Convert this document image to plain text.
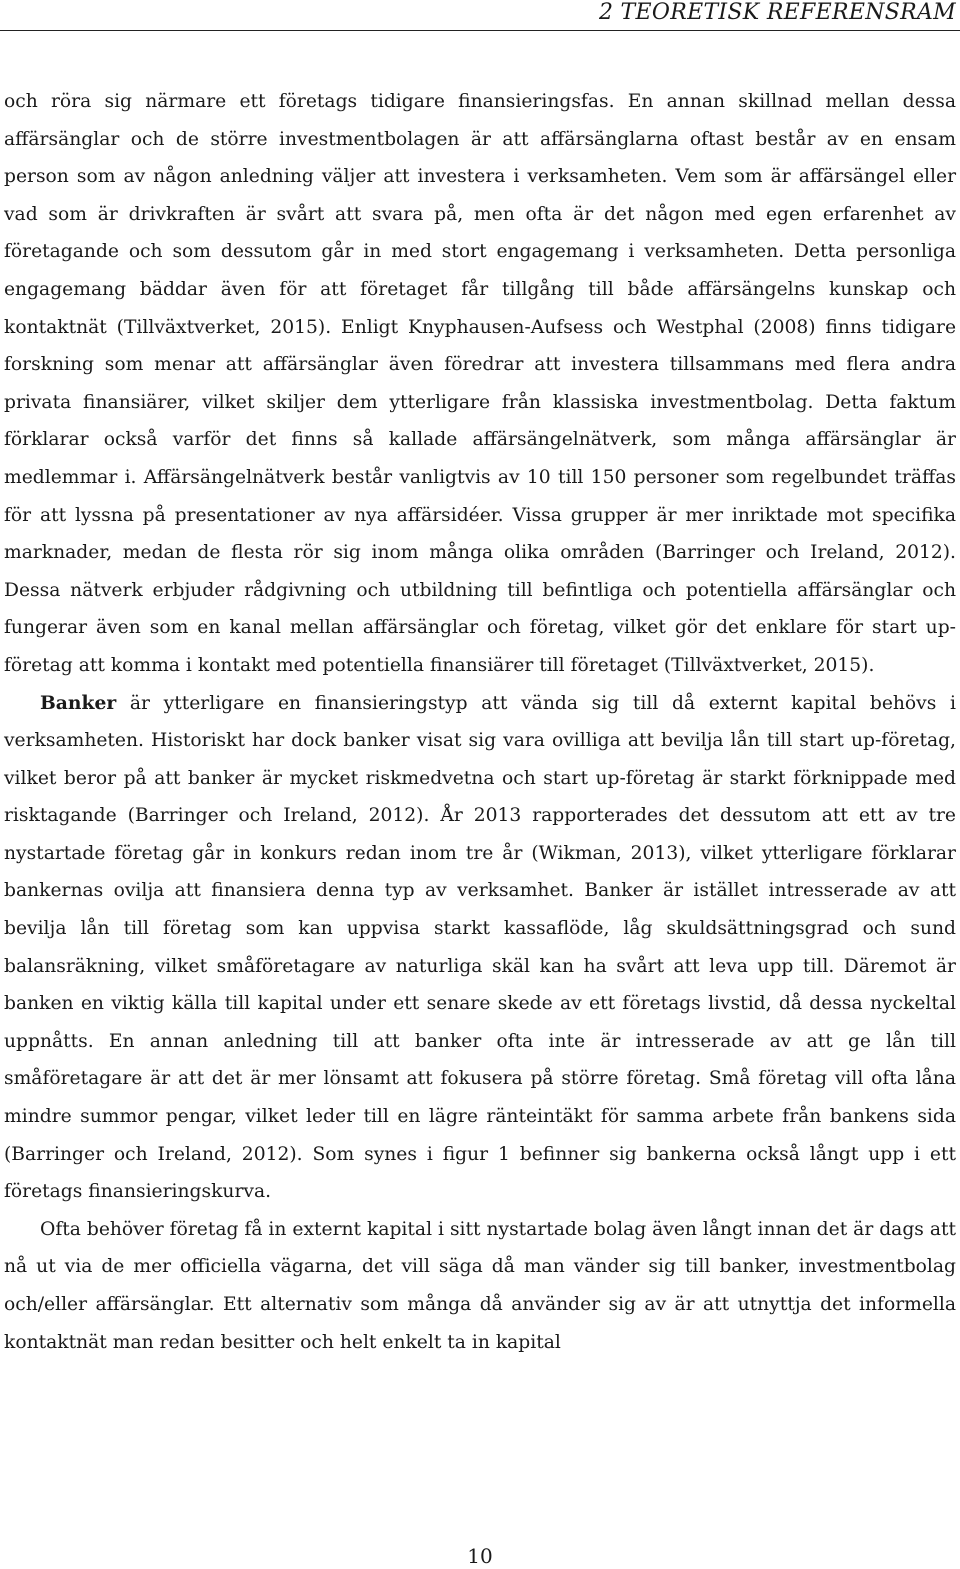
2 TEORETISK REFERENSRAM

och röra sig närmare ett företags tidigare finansieringsfas. En annan skillnad mellan dessa affärsänglar och de större investmentbolagen är att affärsänglarna oftast består av en ensam person som av någon anledning väljer att investera i verksamheten. Vem som är affärsängel eller vad som är drivkraften är svårt att svara på, men ofta är det någon med egen erfarenhet av företagande och som dessutom går in med stort engagemang i verksamheten. Detta personliga engagemang bäddar även för att företaget får tillgång till både affärsängelns kunskap och kontaktnät (Tillväxtverket, 2015). Enligt Knyphausen-Aufsess och Westphal (2008) finns tidigare forskning som menar att affärsänglar även föredrar att investera tillsammans med flera andra privata finansiärer, vilket skiljer dem ytterligare från klassiska investmentbolag. Detta faktum förklarar också varför det finns så kallade affärsängelnätverk, som många affärsänglar är medlemmar i. Affärsängelnätverk består vanligtvis av 10 till 150 personer som regelbundet träffas för att lyssna på presentationer av nya affärsidéer. Vissa grupper är mer inriktade mot specifika marknader, medan de flesta rör sig inom många olika områden (Barringer och Ireland, 2012). Dessa nätverk erbjuder rådgivning och utbildning till befintliga och potentiella affärsänglar och fungerar även som en kanal mellan affärsänglar och företag, vilket gör det enklare för start up-företag att komma i kontakt med potentiella finansiärer till företaget (Tillväxtverket, 2015).

Banker är ytterligare en finansieringstyp att vända sig till då externt kapital behövs i verksamheten. Historiskt har dock banker visat sig vara ovilliga att bevilja lån till start up-företag, vilket beror på att banker är mycket riskmedvetna och start up-företag är starkt förknippade med risktagande (Barringer och Ireland, 2012). År 2013 rapporterades det dessutom att ett av tre nystartade företag går in konkurs redan inom tre år (Wikman, 2013), vilket ytterligare förklarar bankernas ovilja att finansiera denna typ av verksamhet. Banker är istället intresserade av att bevilja lån till företag som kan uppvisa starkt kassaflöde, låg skuldsättningsgrad och sund balansräkning, vilket småföretagare av naturliga skäl kan ha svårt att leva upp till. Däremot är banken en viktig källa till kapital under ett senare skede av ett företags livstid, då dessa nyckeltal uppnåtts. En annan anledning till att banker ofta inte är intresserade av att ge lån till småföretagare är att det är mer lönsamt att fokusera på större företag. Små företag vill ofta låna mindre summor pengar, vilket leder till en lägre ränteintäkt för samma arbete från bankens sida (Barringer och Ireland, 2012). Som synes i figur 1 befinner sig bankerna också långt upp i ett företags finansieringskurva.

Ofta behöver företag få in externt kapital i sitt nystartade bolag även långt innan det är dags att nå ut via de mer officiella vägarna, det vill säga då man vänder sig till banker, investmentbolag och/eller affärsänglar. Ett alternativ som många då använder sig av är att utnyttja det informella kontaktnät man redan besitter och helt enkelt ta in kapital

10
